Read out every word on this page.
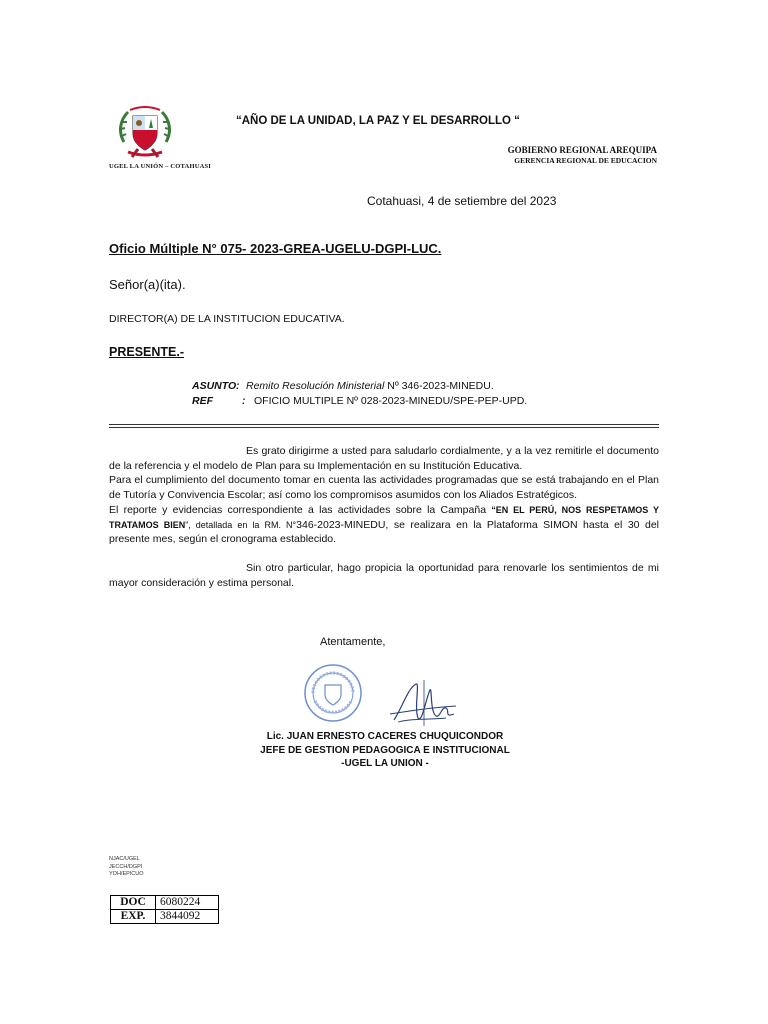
UGEL LA UNIÓN – COTAHUASI
“AÑO DE LA UNIDAD, LA PAZ Y EL DESARROLLO “
GOBIERNO REGIONAL AREQUIPA
GERENCIA REGIONAL DE EDUCACION
Cotahuasi, 4 de setiembre del 2023
Oficio Múltiple N° 075- 2023-GREA-UGELU-DGPI-LUC.
Señor(a)(ita).
DIRECTOR(A) DE LA INSTITUCION EDUCATIVA.
PRESENTE.-
ASUNTO: Remito Resolución Ministerial Nº 346-2023-MINEDU.
REF	: OFICIO MULTIPLE Nº 028-2023-MINEDU/SPE-PEP-UPD.

Es grato dirigirme a usted para saludarlo cordialmente, y a la vez remitirle el documento de la referencia y el modelo de Plan para su Implementación en su Institución Educativa.

Para el cumplimiento del documento tomar en cuenta las actividades programadas que se está trabajando en el Plan de Tutoría y Convivencia Escolar; así como los compromisos asumidos con los Aliados Estratégicos.

El reporte y evidencias correspondiente a las actividades sobre la Campaña “EN EL PERÚ, NOS RESPETAMOS Y TRATAMOS BIEN”, detallada en la RM. N°346-2023-MINEDU, se realizara en la Plataforma SIMON hasta el 30 del presente mes, según el cronograma establecido.

Sin otro particular, hago propicia la oportunidad para renovarle los sentimientos de mi mayor consideración y estima personal.

Atentamente,
Lic. JUAN ERNESTO CACERES CHUQUICONDOR
JEFE DE GESTION PEDAGOGICA E INSTITUCIONAL
-UGEL LA UNION -
NJAC/UGEL
JECCH/DGPI
YOH/EPICUO
DOC	6080224
EXP.	3844092
